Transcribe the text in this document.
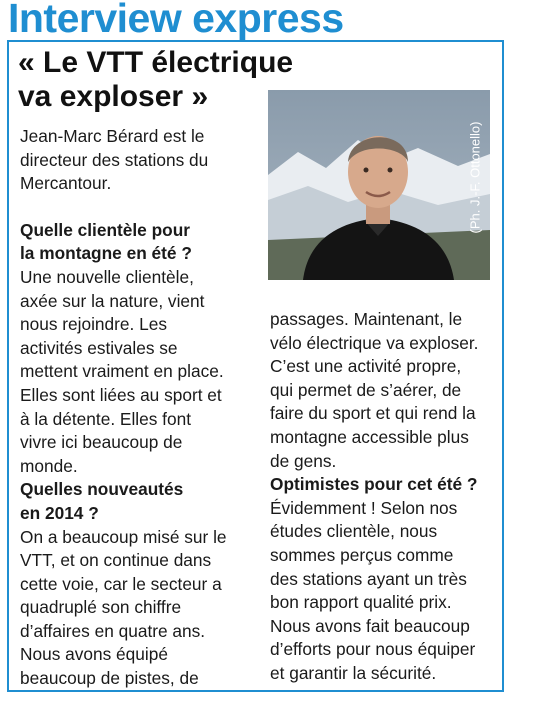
Interview express
« Le VTT électrique
va exploser »
(Ph. J.-F. Ottonello)

Jean-Marc Bérard est le
directeur des stations du
Mercantour.

Quelle clientèle pour
la montagne en été ?

Une nouvelle clientèle,
axée sur la nature, vient
nous rejoindre. Les
activités estivales se
mettent vraiment en place.
Elles sont liées au sport et
à la détente. Elles font
vivre ici beaucoup de
monde.

Quelles nouveautés
en 2014 ?

On a beaucoup misé sur le
VTT, et on continue dans
cette voie, car le secteur a
quadruplé son chiffre
d’affaires en quatre ans.
Nous avons équipé
beaucoup de pistes, de

passages. Maintenant, le
vélo électrique va exploser.
C’est une activité propre,
qui permet de s’aérer, de
faire du sport et qui rend la
montagne accessible plus
de gens.

Optimistes pour cet été ?

Évidemment ! Selon nos
études clientèle, nous
sommes perçus comme
des stations ayant un très
bon rapport qualité prix.
Nous avons fait beaucoup
d’efforts pour nous équiper
et garantir la sécurité.
